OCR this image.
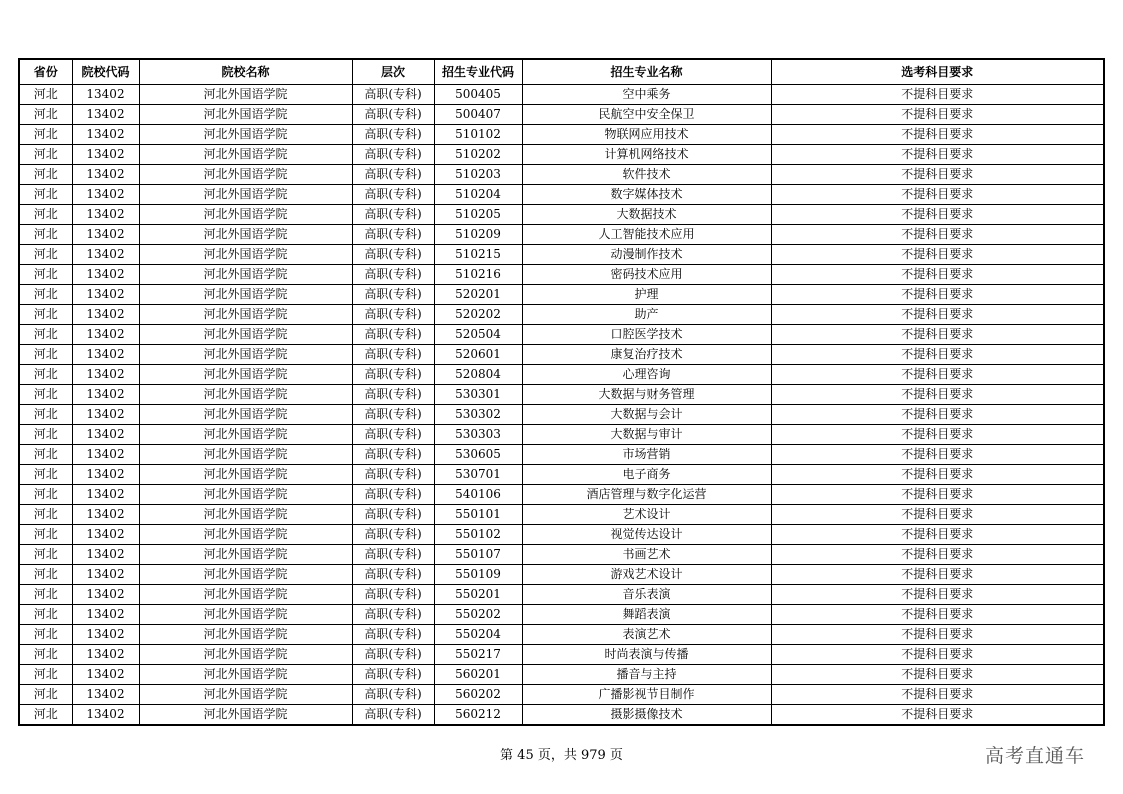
省份	院校代码	院校名称	层次	招生专业代码	招生专业名称	选考科目要求
河北	13402	河北外国语学院	高职(专科)	500405	空中乘务	不提科目要求
河北	13402	河北外国语学院	高职(专科)	500407	民航空中安全保卫	不提科目要求
河北	13402	河北外国语学院	高职(专科)	510102	物联网应用技术	不提科目要求
河北	13402	河北外国语学院	高职(专科)	510202	计算机网络技术	不提科目要求
河北	13402	河北外国语学院	高职(专科)	510203	软件技术	不提科目要求
河北	13402	河北外国语学院	高职(专科)	510204	数字媒体技术	不提科目要求
河北	13402	河北外国语学院	高职(专科)	510205	大数据技术	不提科目要求
河北	13402	河北外国语学院	高职(专科)	510209	人工智能技术应用	不提科目要求
河北	13402	河北外国语学院	高职(专科)	510215	动漫制作技术	不提科目要求
河北	13402	河北外国语学院	高职(专科)	510216	密码技术应用	不提科目要求
河北	13402	河北外国语学院	高职(专科)	520201	护理	不提科目要求
河北	13402	河北外国语学院	高职(专科)	520202	助产	不提科目要求
河北	13402	河北外国语学院	高职(专科)	520504	口腔医学技术	不提科目要求
河北	13402	河北外国语学院	高职(专科)	520601	康复治疗技术	不提科目要求
河北	13402	河北外国语学院	高职(专科)	520804	心理咨询	不提科目要求
河北	13402	河北外国语学院	高职(专科)	530301	大数据与财务管理	不提科目要求
河北	13402	河北外国语学院	高职(专科)	530302	大数据与会计	不提科目要求
河北	13402	河北外国语学院	高职(专科)	530303	大数据与审计	不提科目要求
河北	13402	河北外国语学院	高职(专科)	530605	市场营销	不提科目要求
河北	13402	河北外国语学院	高职(专科)	530701	电子商务	不提科目要求
河北	13402	河北外国语学院	高职(专科)	540106	酒店管理与数字化运营	不提科目要求
河北	13402	河北外国语学院	高职(专科)	550101	艺术设计	不提科目要求
河北	13402	河北外国语学院	高职(专科)	550102	视觉传达设计	不提科目要求
河北	13402	河北外国语学院	高职(专科)	550107	书画艺术	不提科目要求
河北	13402	河北外国语学院	高职(专科)	550109	游戏艺术设计	不提科目要求
河北	13402	河北外国语学院	高职(专科)	550201	音乐表演	不提科目要求
河北	13402	河北外国语学院	高职(专科)	550202	舞蹈表演	不提科目要求
河北	13402	河北外国语学院	高职(专科)	550204	表演艺术	不提科目要求
河北	13402	河北外国语学院	高职(专科)	550217	时尚表演与传播	不提科目要求
河北	13402	河北外国语学院	高职(专科)	560201	播音与主持	不提科目要求
河北	13402	河北外国语学院	高职(专科)	560202	广播影视节目制作	不提科目要求
河北	13402	河北外国语学院	高职(专科)	560212	摄影摄像技术	不提科目要求
第 45 页，共 979 页	高考直通车
